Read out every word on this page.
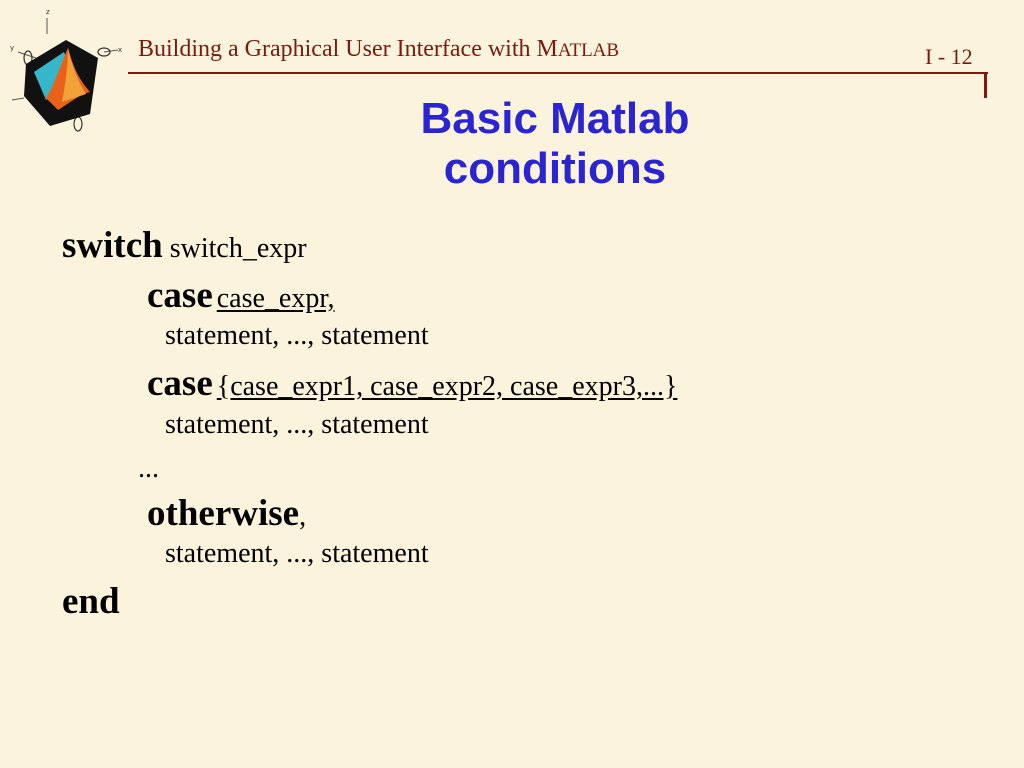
z
y	x Building a Graphical User Interface with MATLAB	I - 12
Basic Matlab
conditions
switch switch_expr
case case_expr,
statement, ..., statement
case {case_expr1, case_expr2, case_expr3,...}
statement, ..., statement
...
otherwise,
statement, ..., statement
end
